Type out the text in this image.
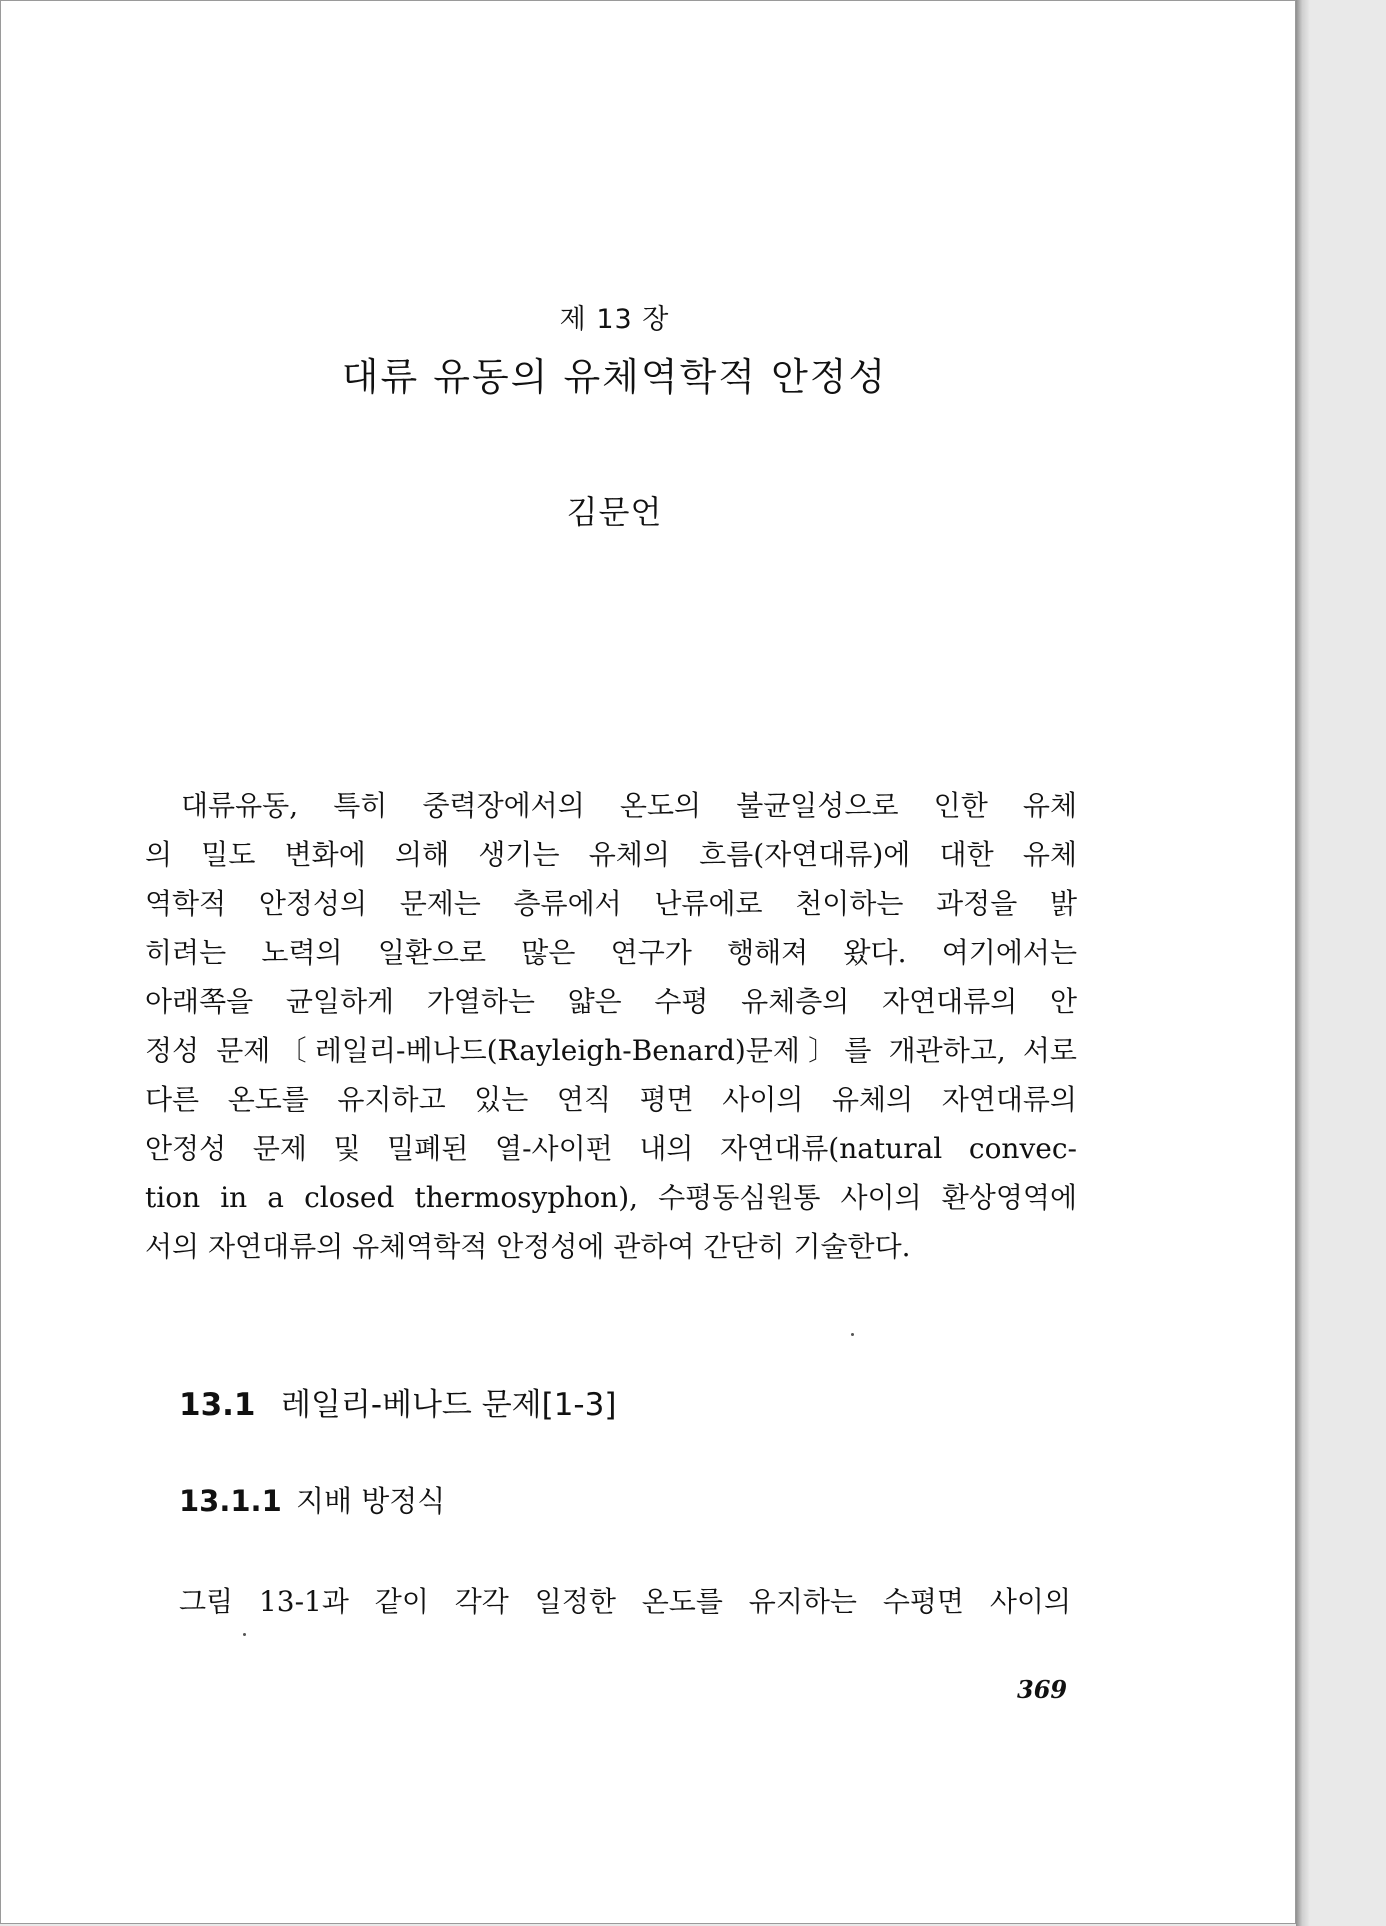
제 13 장
대류 유동의 유체역학적 안정성
김문언
대류유동, 특히 중력장에서의 온도의 불균일성으로 인한 유체
의 밀도 변화에 의해 생기는 유체의 흐름(자연대류)에 대한 유체
역학적 안정성의 문제는 층류에서 난류에로 천이하는 과정을 밝
히려는 노력의 일환으로 많은 연구가 행해져 왔다. 여기에서는
아래쪽을 균일하게 가열하는 얇은 수평 유체층의 자연대류의 안
정성 문제〔레일리-베나드(Rayleigh-Benard)문제〕를 개관하고, 서로
다른 온도를 유지하고 있는 연직 평면 사이의 유체의 자연대류의
안정성 문제 및 밀폐된 열-사이펀 내의 자연대류(natural convec-
tion in a closed thermosyphon), 수평동심원통 사이의 환상영역에
서의 자연대류의 유체역학적 안정성에 관하여 간단히 기술한다.
13.1 레일리-베나드 문제[1-3]
13.1.1 지배 방정식
그림 13-1과 같이 각각 일정한 온도를 유지하는 수평면 사이의
369
